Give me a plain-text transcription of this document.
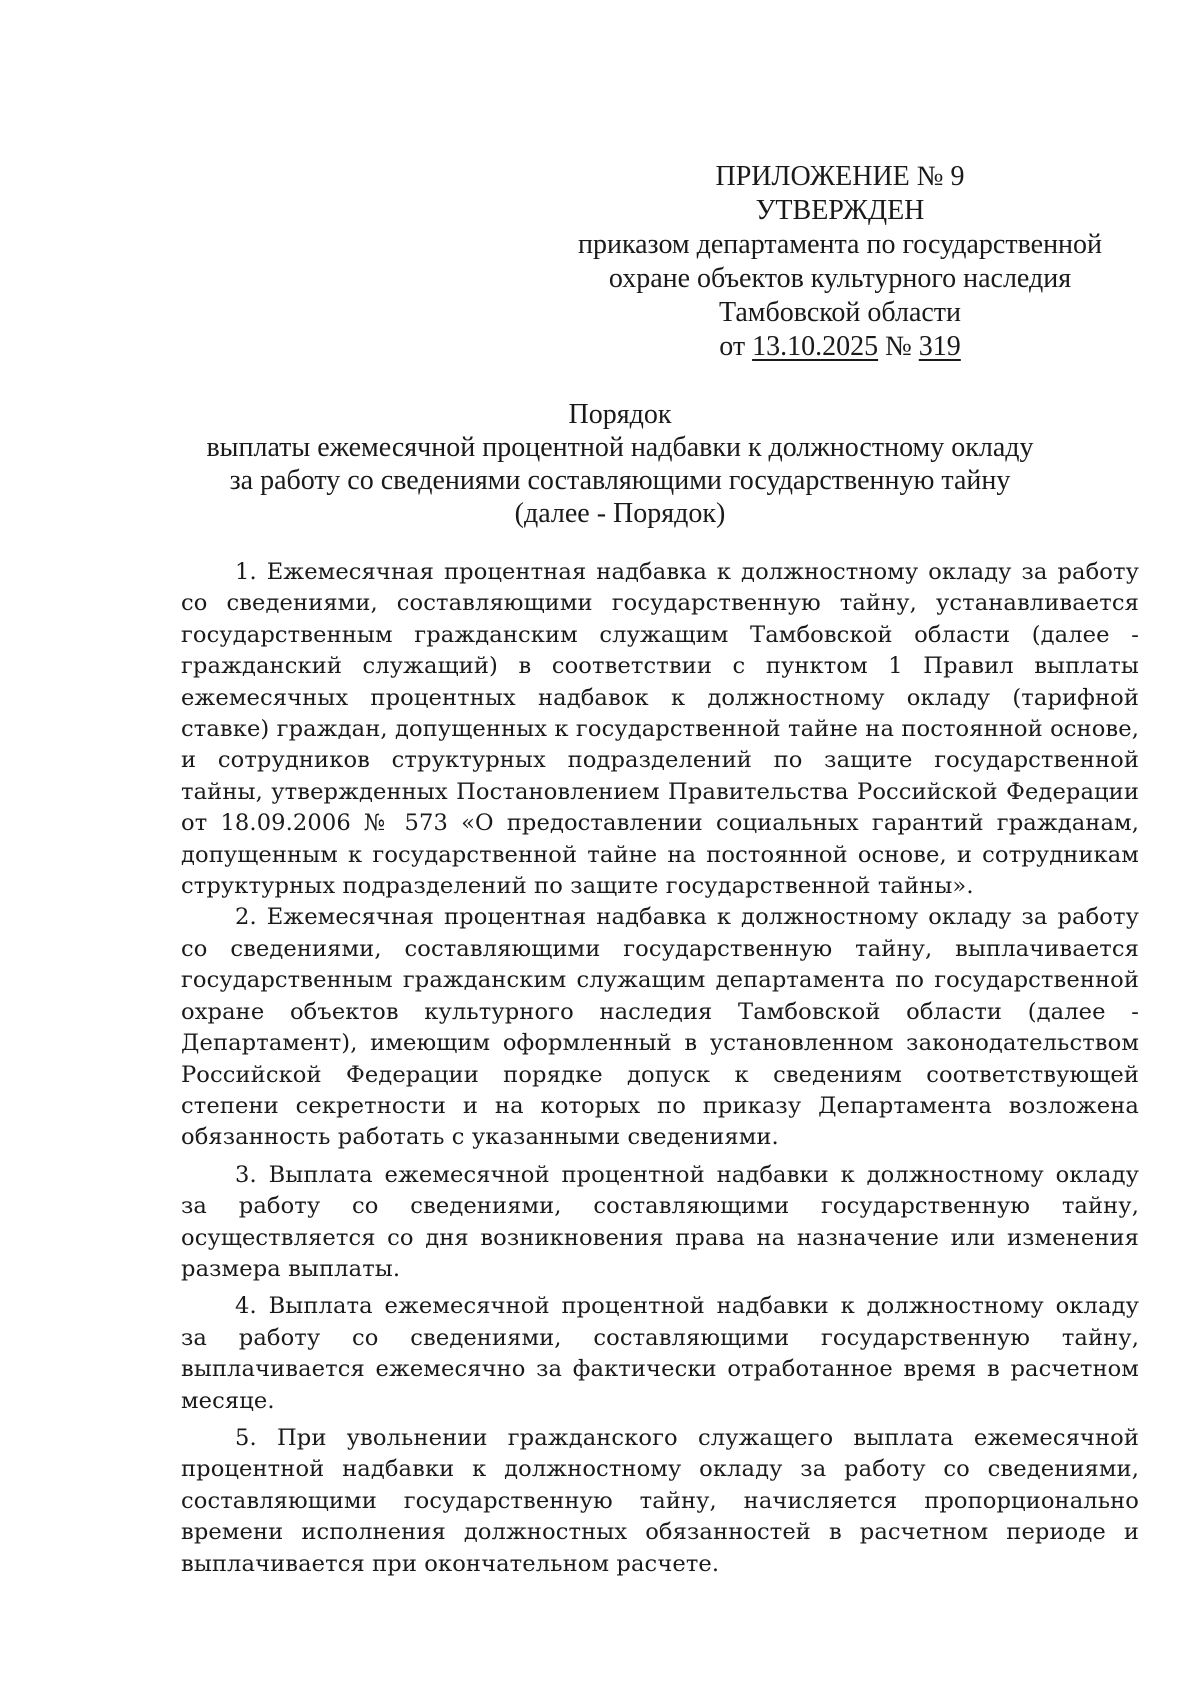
ПРИЛОЖЕНИЕ № 9
УТВЕРЖДЕН
приказом департамента по государственной
охране объектов культурного наследия
Тамбовской области
от 13.10.2025 № 319
Порядок
выплаты ежемесячной процентной надбавки к должностному окладу
за работу со сведениями составляющими государственную тайну
(далее - Порядок)

1. Ежемесячная процентная надбавка к должностному окладу за работу со сведениями, составляющими государственную тайну, устанавливается государственным гражданским служащим Тамбовской области (далее - гражданский служащий) в соответствии с пунктом 1 Правил выплаты ежемесячных процентных надбавок к должностному окладу (тарифной ставке) граждан, допущенных к государственной тайне на постоянной основе, и сотрудников структурных подразделений по защите государственной тайны, утвержденных Постановлением Правительства Российской Федерации от 18.09.2006 № 573 «О предоставлении социальных гарантий гражданам, допущенным к государственной тайне на постоянной основе, и сотрудникам структурных подразделений по защите государственной тайны».

2. Ежемесячная процентная надбавка к должностному окладу за работу со сведениями, составляющими государственную тайну, выплачивается государственным гражданским служащим департамента по государственной охране объектов культурного наследия Тамбовской области (далее - Департамент), имеющим оформленный в установленном законодательством Российской Федерации порядке допуск к сведениям соответствующей степени секретности и на которых по приказу Департамента возложена обязанность работать с указанными сведениями.

3. Выплата ежемесячной процентной надбавки к должностному окладу за работу со сведениями, составляющими государственную тайну, осуществляется со дня возникновения права на назначение или изменения размера выплаты.

4. Выплата ежемесячной процентной надбавки к должностному окладу за работу со сведениями, составляющими государственную тайну, выплачивается ежемесячно за фактически отработанное время в расчетном месяце.

5. При увольнении гражданского служащего выплата ежемесячной процентной надбавки к должностному окладу за работу со сведениями, составляющими государственную тайну, начисляется пропорционально времени исполнения должностных обязанностей в расчетном периоде и выплачивается при окончательном расчете.
